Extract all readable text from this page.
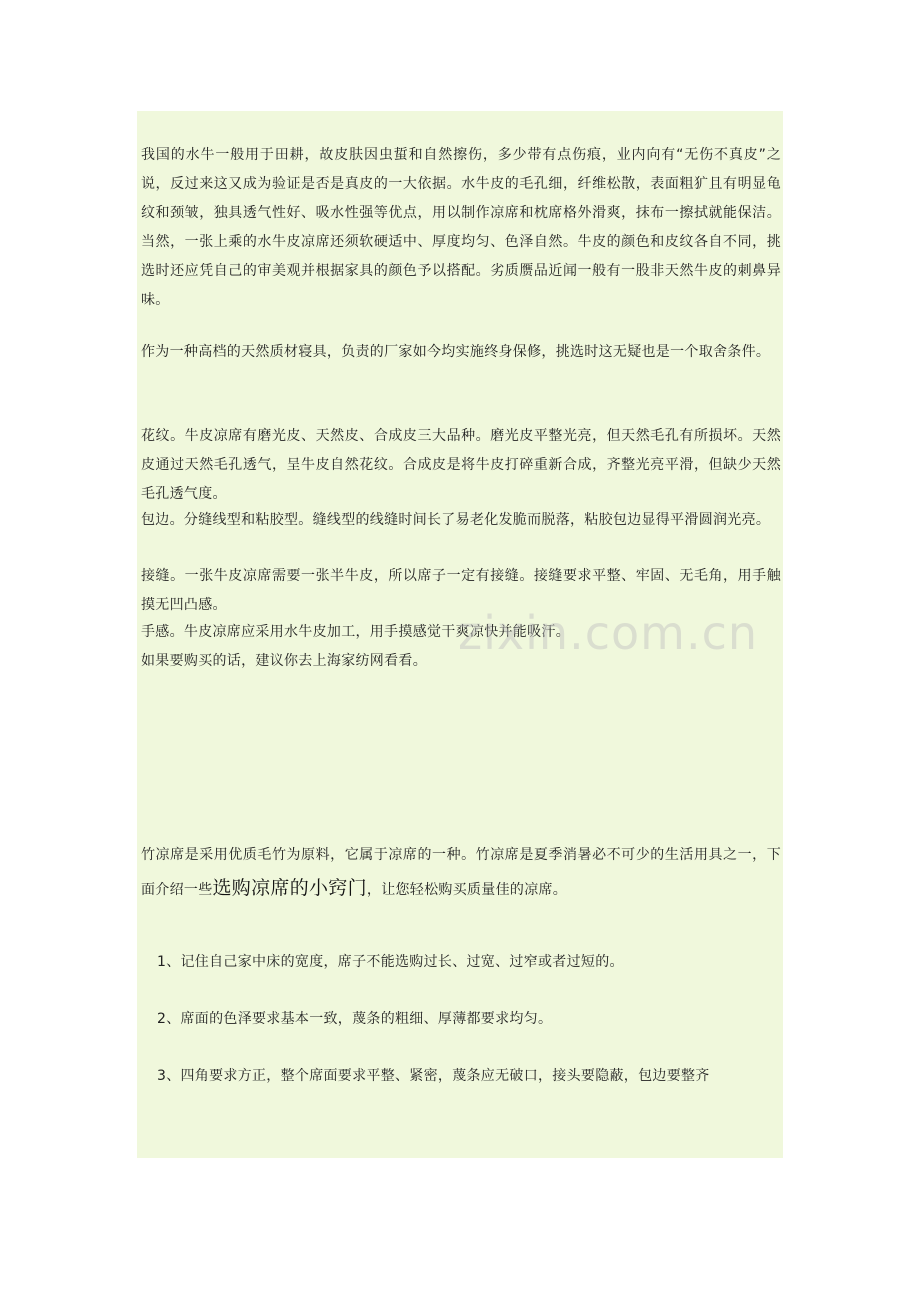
我国的水牛一般用于田耕，故皮肤因虫蜇和自然擦伤，多少带有点伤痕，业内向有“无伤不真皮”之说，反过来这又成为验证是否是真皮的一大依据。水牛皮的毛孔细，纤维松散，表面粗犷且有明显龟纹和颈皱，独具透气性好、吸水性强等优点，用以制作凉席和枕席格外滑爽，抹布一擦拭就能保洁。当然，一张上乘的水牛皮凉席还须软硬适中、厚度均匀、色泽自然。牛皮的颜色和皮纹各自不同，挑选时还应凭自己的审美观并根据家具的颜色予以搭配。劣质赝品近闻一般有一股非天然牛皮的刺鼻异味。

作为一种高档的天然质材寝具，负责的厂家如今均实施终身保修，挑选时这无疑也是一个取舍条件。

花纹。牛皮凉席有磨光皮、天然皮、合成皮三大品种。磨光皮平整光亮，但天然毛孔有所损坏。天然皮通过天然毛孔透气，呈牛皮自然花纹。合成皮是将牛皮打碎重新合成，齐整光亮平滑，但缺少天然毛孔透气度。

包边。分缝线型和粘胶型。缝线型的线缝时间长了易老化发脆而脱落，粘胶包边显得平滑圆润光亮。

接缝。一张牛皮凉席需要一张半牛皮，所以席子一定有接缝。接缝要求平整、牢固、无毛角，用手触摸无凹凸感。

手感。牛皮凉席应采用水牛皮加工，用手摸感觉干爽凉快并能吸汗。

如果要购买的话，建议你去上海家纺网看看。

竹凉席是采用优质毛竹为原料，它属于凉席的一种。竹凉席是夏季消暑必不可少的生活用具之一，下面介绍一些选购凉席的小窍门，让您轻松购买质量佳的凉席。

1、记住自己家中床的宽度，席子不能选购过长、过宽、过窄或者过短的。

2、席面的色泽要求基本一致，蔑条的粗细、厚薄都要求均匀。

3、四角要求方正，整个席面要求平整、紧密，蔑条应无破口，接头要隐蔽，包边要整齐

zixin.com.cn
